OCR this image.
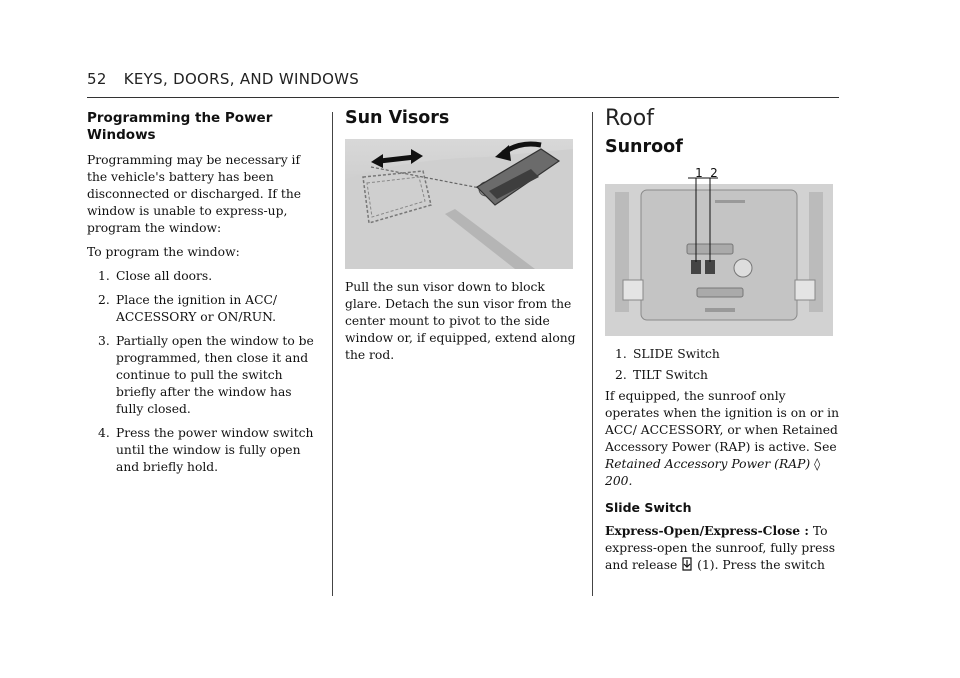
52 KEYS, DOORS, AND WINDOWS
Programming the Power Windows

Programming may be necessary if the vehicle's battery has been disconnected or discharged. If the window is unable to express-up, program the window:

To program the window:

1. Close all doors.
2. Place the ignition in ACC/ ACCESSORY or ON/RUN.
3. Partially open the window to be programmed, then close it and continue to pull the switch briefly after the window has fully closed.
4. Press the power window switch until the window is fully open and briefly hold.
Sun Visors

Pull the sun visor down to block glare. Detach the sun visor from the center mount to pivot to the side window or, if equipped, extend along the rod.

Roof
Sunroof
1 2
1. SLIDE Switch
2. TILT Switch

If equipped, the sunroof only operates when the ignition is on or in ACC/ ACCESSORY, or when Retained Accessory Power (RAP) is active. See Retained Accessory Power (RAP) ◊ 200.

Slide Switch

Express-Open/Express-Close : To express-open the sunroof, fully press and release (1). Press the switch
